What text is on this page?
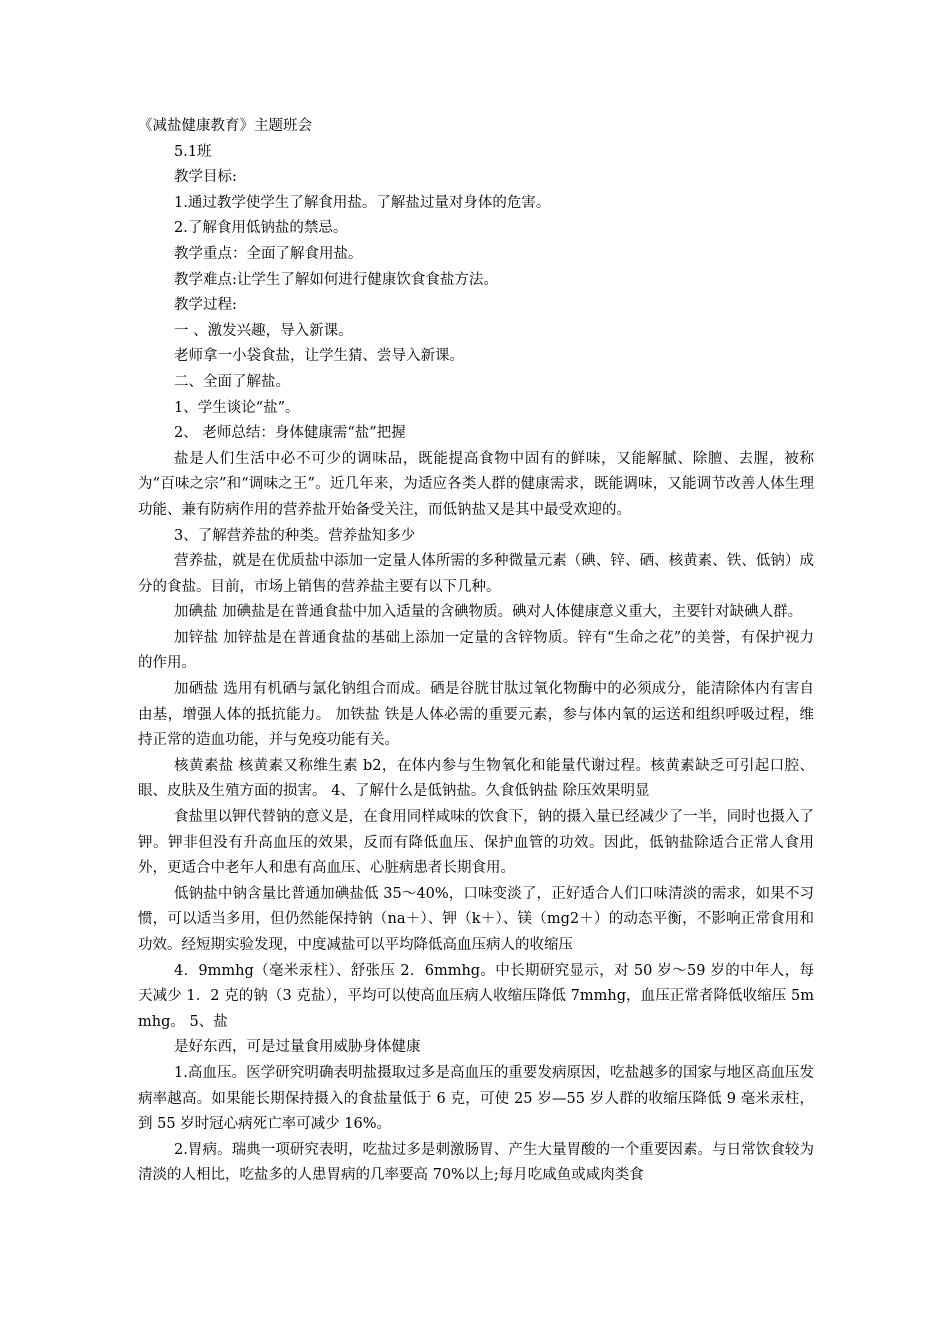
《减盐健康教育》主题班会

5.1班

教学目标:

1.通过教学使学生了解食用盐。了解盐过量对身体的危害。

2.了解食用低钠盐的禁忌。

教学重点：全面了解食用盐。

教学难点:让学生了解如何进行健康饮食食盐方法。

教学过程:

一 、激发兴趣，导入新课。

老师拿一小袋食盐，让学生猜、尝导入新课。

二、全面了解盐。

1、学生谈论“盐”。

2、 老师总结：身体健康需“盐”把握

盐是人们生活中必不可少的调味品，既能提高食物中固有的鲜味，又能解腻、除膻、去腥，被称为“百味之宗”和“调味之王”。近几年来，为适应各类人群的健康需求，既能调味，又能调节改善人体生理功能、兼有防病作用的营养盐开始备受关注，而低钠盐又是其中最受欢迎的。

3、了解营养盐的种类。营养盐知多少

营养盐，就是在优质盐中添加一定量人体所需的多种微量元素（碘、锌、硒、核黄素、铁、低钠）成分的食盐。目前，市场上销售的营养盐主要有以下几种。

加碘盐 加碘盐是在普通食盐中加入适量的含碘物质。碘对人体健康意义重大，主要针对缺碘人群。

加锌盐 加锌盐是在普通食盐的基础上添加一定量的含锌物质。锌有“生命之花”的美誉，有保护视力的作用。

加硒盐 选用有机硒与氯化钠组合而成。硒是谷胱甘肽过氧化物酶中的必须成分，能清除体内有害自由基，增强人体的抵抗能力。 加铁盐 铁是人体必需的重要元素，参与体内氧的运送和组织呼吸过程，维持正常的造血功能，并与免疫功能有关。

核黄素盐 核黄素又称维生素 b2，在体内参与生物氧化和能量代谢过程。核黄素缺乏可引起口腔、眼、皮肤及生殖方面的损害。 4、了解什么是低钠盐。久食低钠盐 除压效果明显

食盐里以钾代替钠的意义是，在食用同样咸味的饮食下，钠的摄入量已经减少了一半，同时也摄入了钾。钾非但没有升高血压的效果，反而有降低血压、保护血管的功效。因此，低钠盐除适合正常人食用外，更适合中老年人和患有高血压、心脏病患者长期食用。

低钠盐中钠含量比普通加碘盐低 35～40%，口味变淡了，正好适合人们口味清淡的需求，如果不习惯，可以适当多用，但仍然能保持钠（na＋）、钾（k＋）、镁（mg2＋）的动态平衡，不影响正常食用和功效。经短期实验发现，中度减盐可以平均降低高血压病人的收缩压

4．9mmhg（毫米汞柱）、舒张压 2．6mmhg。中长期研究显示，对 50 岁～59 岁的中年人，每天减少 1．2 克的钠（3 克盐），平均可以使高血压病人收缩压降低 7mmhg，血压正常者降低收缩压 5mmhg。 5、盐

是好东西，可是过量食用威胁身体健康

1.高血压。医学研究明确表明盐摄取过多是高血压的重要发病原因，吃盐越多的国家与地区高血压发病率越高。如果能长期保持摄入的食盐量低于 6 克，可使 25 岁—55 岁人群的收缩压降低 9 毫米汞柱，到 55 岁时冠心病死亡率可减少 16%。

2.胃病。瑞典一项研究表明，吃盐过多是刺激肠胃、产生大量胃酸的一个重要因素。与日常饮食较为清淡的人相比，吃盐多的人患胃病的几率要高 70%以上;每月吃咸鱼或咸肉类食
